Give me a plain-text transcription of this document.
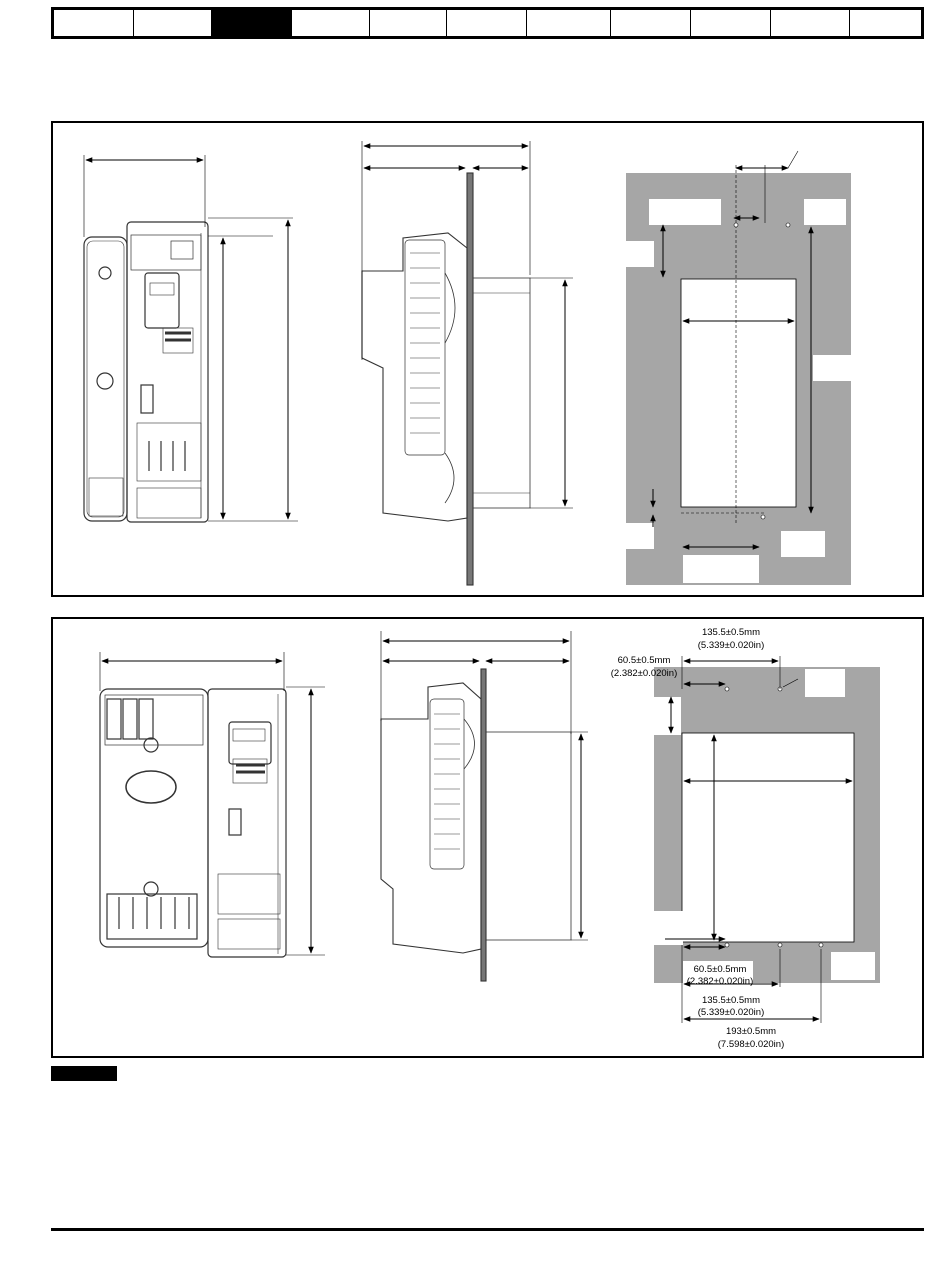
135.5±0.5mm
(5.339±0.020in)
60.5±0.5mm
(2.382±0.020in)
60.5±0.5mm
(2.382±0.020in)
135.5±0.5mm
(5.339±0.020in)
193±0.5mm
(7.598±0.020in)
